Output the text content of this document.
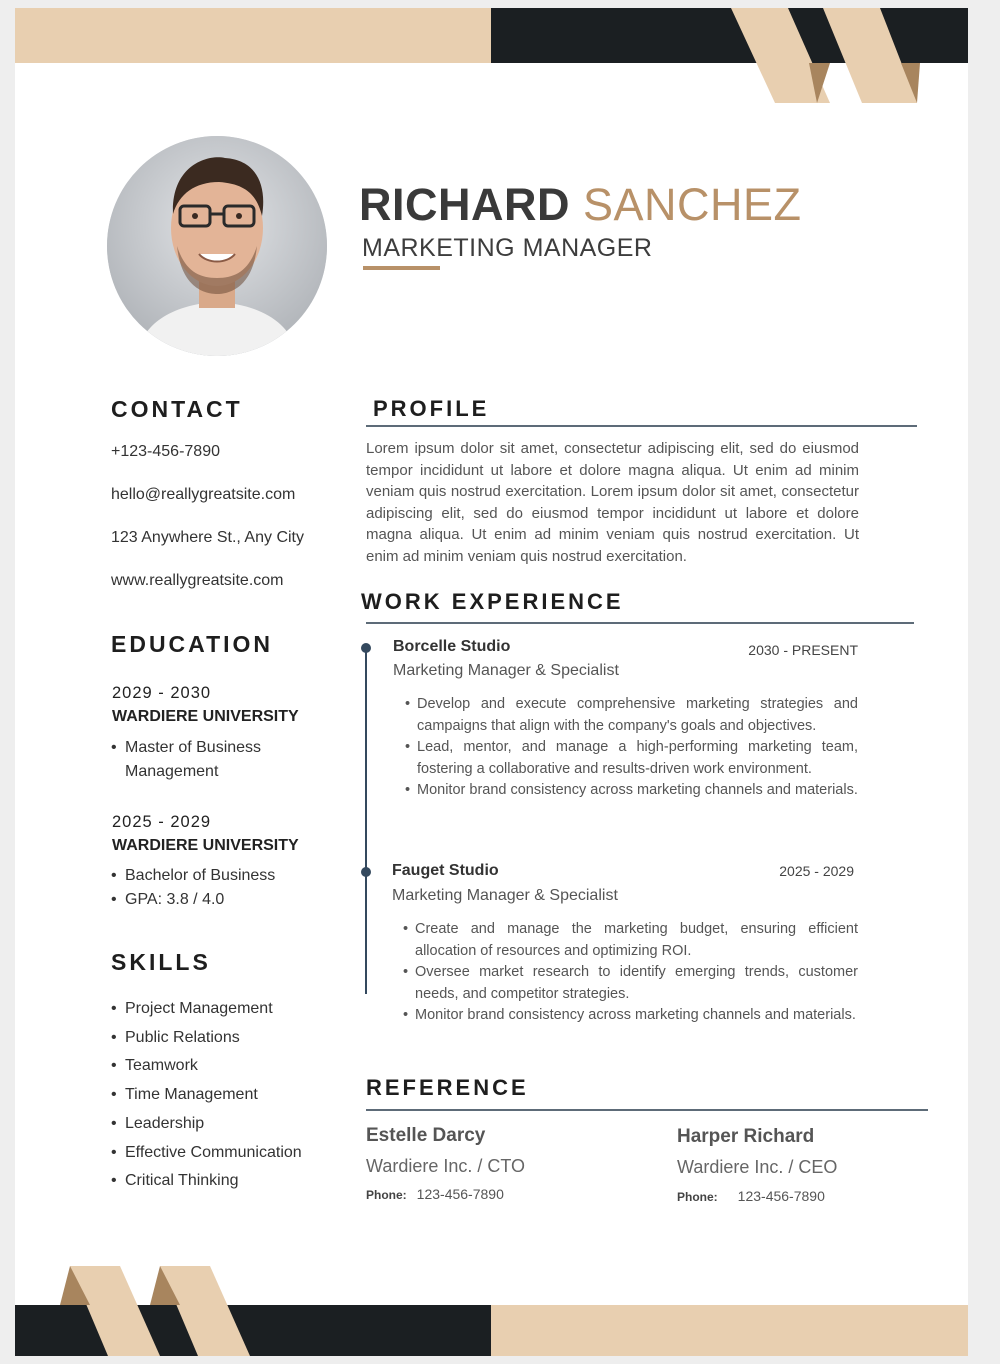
RICHARD SANCHEZ
MARKETING MANAGER
CONTACT
+123-456-7890
hello@reallygreatsite.com
123 Anywhere St., Any City
www.reallygreatsite.com
EDUCATION
2029 - 2030
WARDIERE UNIVERSITY
• Master of Business
Management
2025 - 2029
WARDIERE UNIVERSITY
• Bachelor of Business
• GPA: 3.8 / 4.0
SKILLS
• Project Management
• Public Relations
• Teamwork
• Time Management
• Leadership
• Effective Communication
• Critical Thinking
PROFILE
Lorem ipsum dolor sit amet, consectetur adipiscing elit, sed do eiusmod tempor incididunt ut labore et dolore magna aliqua. Ut enim ad minim veniam quis nostrud exercitation. Lorem ipsum dolor sit amet, consectetur adipiscing elit, sed do eiusmod tempor incididunt ut labore et dolore magna aliqua. Ut enim ad minim veniam quis nostrud exercitation. Ut enim ad minim veniam quis nostrud exercitation.
WORK EXPERIENCE
Borcelle Studio	2030 - PRESENT
Marketing Manager & Specialist
• Develop and execute comprehensive marketing strategies and campaigns that align with the company's goals and objectives.
• Lead, mentor, and manage a high-performing marketing team, fostering a collaborative and results-driven work environment.
• Monitor brand consistency across marketing channels and materials.
Fauget Studio	2025 - 2029
Marketing Manager & Specialist
• Create and manage the marketing budget, ensuring efficient allocation of resources and optimizing ROI.
• Oversee market research to identify emerging trends, customer needs, and competitor strategies.
• Monitor brand consistency across marketing channels and materials.
REFERENCE
Estelle Darcy
Wardiere Inc. / CTO
Phone: 123-456-7890
Harper Richard
Wardiere Inc. / CEO
Phone: 123-456-7890
